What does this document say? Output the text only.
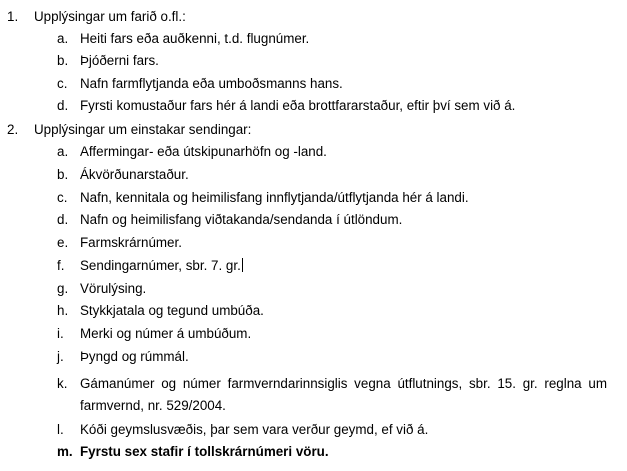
1. Upplýsingar um farið o.fl.:
a. Heiti fars eða auðkenni, t.d. flugnúmer.
b. Þjóðerni fars.
c. Nafn farmflytjanda eða umboðsmanns hans.
d. Fyrsti komustaður fars hér á landi eða brottfararstaður, eftir því sem við á.
2. Upplýsingar um einstakar sendingar:
a. Affermingar- eða útskipunarhöfn og -land.
b. Ákvörðunarstaður.
c. Nafn, kennitala og heimilisfang innflytjanda/útflytjanda hér á landi.
d. Nafn og heimilisfang viðtakanda/sendanda í útlöndum.
e. Farmskrárnúmer.
f. Sendingarnúmer, sbr. 7. gr.
g. Vörulýsing.
h. Stykkjatala og tegund umbúða.
i. Merki og númer á umbúðum.
j. Þyngd og rúmmál.
k. Gámanúmer og númer farmverndarinnsiglis vegna útflutnings, sbr. 15. gr. reglna um
farmvernd, nr. 529/2004.
l. Kóði geymslusvæðis, þar sem vara verður geymd, ef við á.
m. Fyrstu sex stafir í tollskrárnúmeri vöru.
